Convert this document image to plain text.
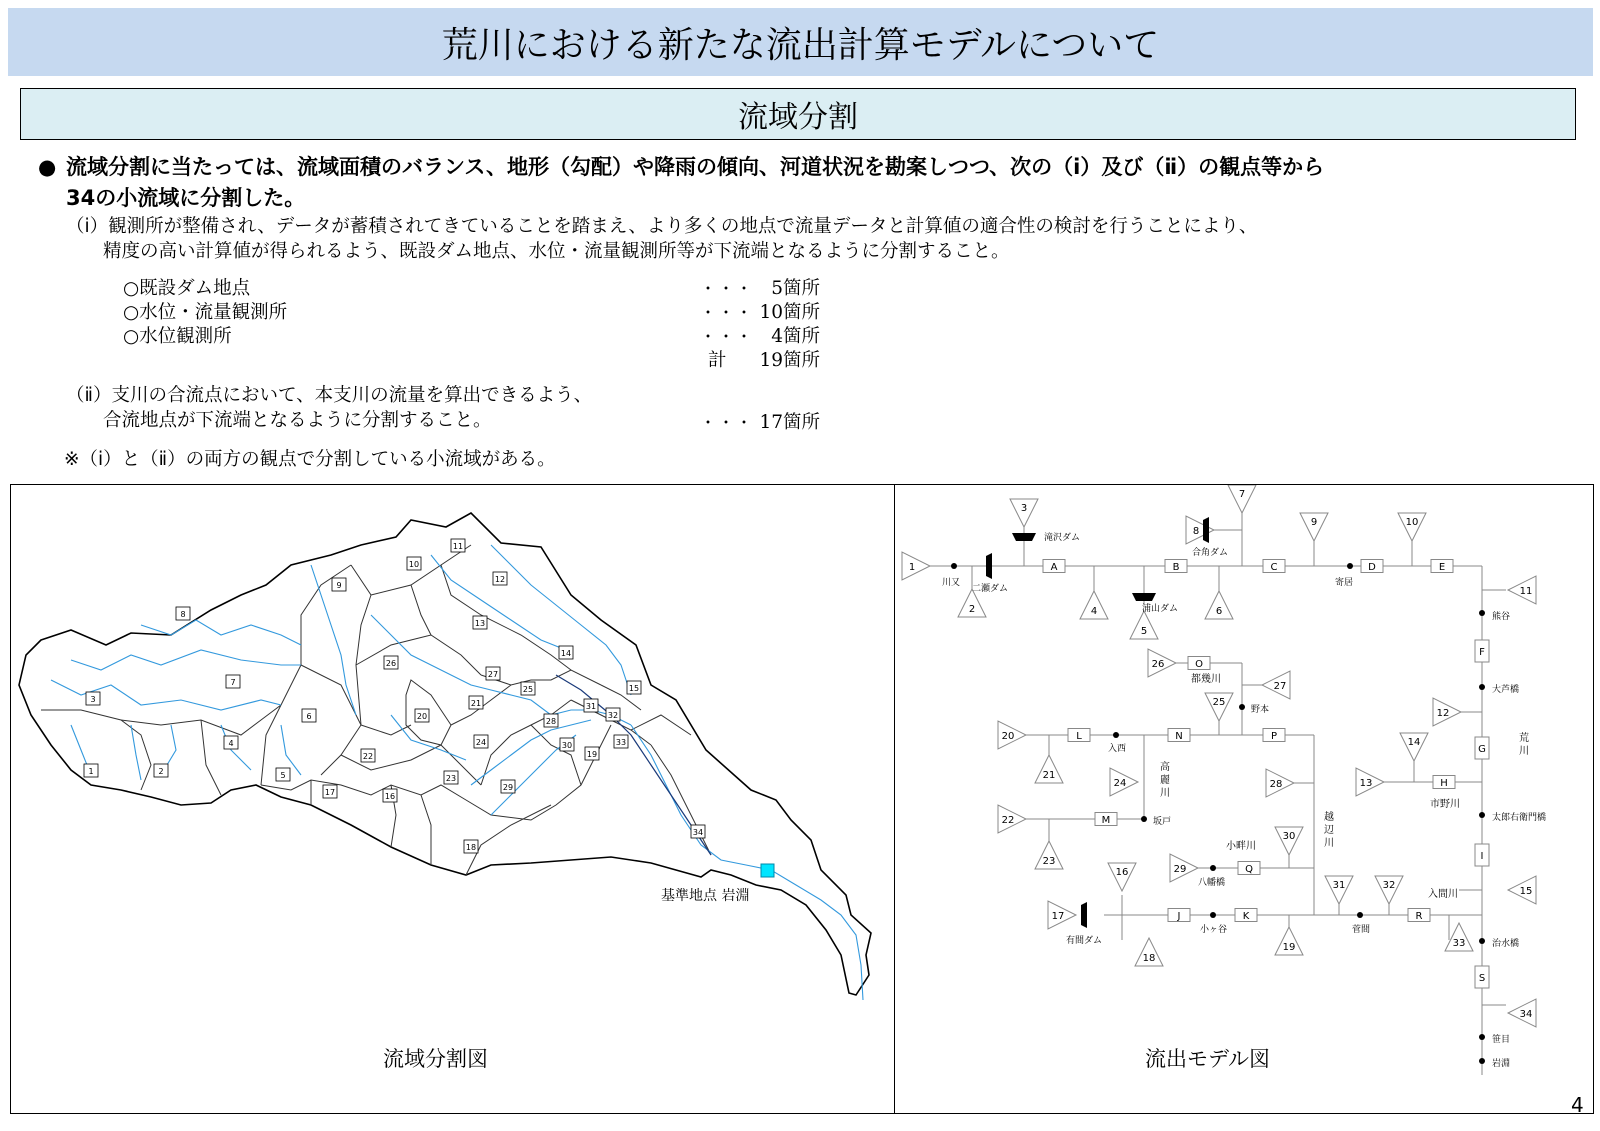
荒川における新たな流出計算モデルについて
流域分割
● 流域分割に当たっては、流域面積のバランス、地形（勾配）や降雨の傾向、河道状況を勘案しつつ、次の（ⅰ）及び（ⅱ）の観点等から
34の小流域に分割した。
（ⅰ）観測所が整備され、データが蓄積されてきていることを踏まえ、より多くの地点で流量データと計算値の適合性の検討を行うことにより、
精度の高い計算値が得られるよう、既設ダム地点、水位・流量観測所等が下流端となるように分割すること。
○既設ダム地点	・・・ 5箇所
○水位・流量観測所	・・・ 10箇所
○水位観測所	・・・ 4箇所
計	19箇所
（ⅱ）支川の合流点において、本支川の流量を算出できるよう、
合流地点が下流端となるように分割すること。	・・・ 17箇所
※（ⅰ）と（ⅱ）の両方の観点で分割している小流域がある。
1	2
3
4
5
6
7
8
9
10
11
12
13
14
15
16
17
18
19
20
21
22
23
24
25
26
27
28
29
30
31
32
33
34
流域分割図
基準地点 岩淵
1
2
3
4
5
6
7
8
9	10
11
12
13
14
15
16
17
18
19
20
21
22
23
24
25
26
27
28
29
30
31	32
33
34
A	B	C	D	E
F
G
H
I
J	K
L
M
N
O
P
Q
R
S
川又	寄居
熊谷
大芦橋
太郎右衛門橋
治水橋
笹目
岩淵
野本
入西
坂戸
八幡橋
小ヶ谷	菅間
滝沢ダム
二瀬ダム
合角ダム
浦山ダム
有間ダム
荒
川
市野川
都幾川
高
麗
川
越
辺
川
小畔川
入間川
流出モデル図
4
